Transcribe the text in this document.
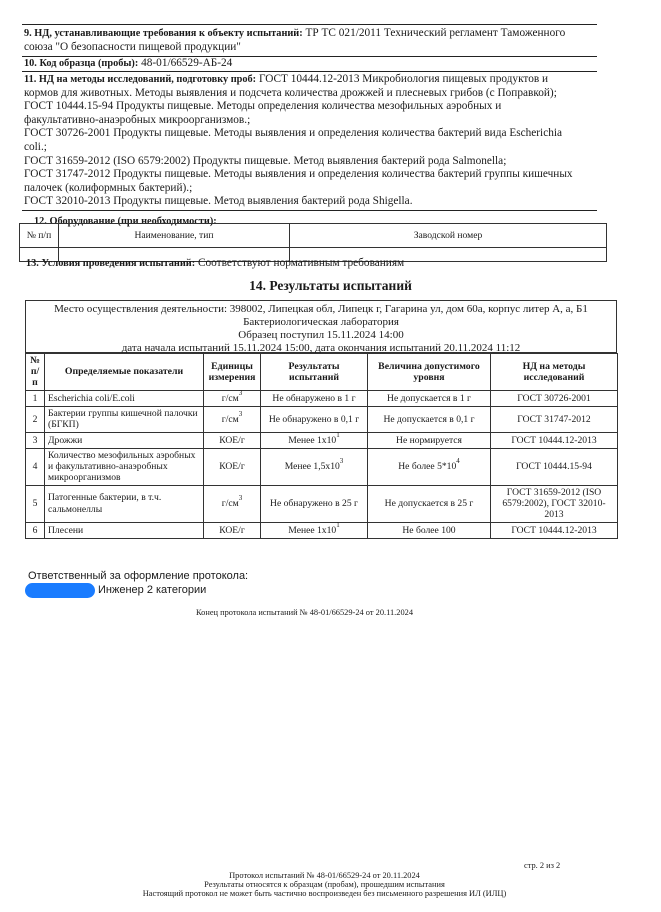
9. НД, устанавливающие требования к объекту испытаний: ТР ТС 021/2011 Технический регламент Таможенного
союза "О безопасности пищевой продукции"
10. Код образца (пробы): 48-01/66529-АБ-24
11. НД на методы исследований, подготовку проб: ГОСТ 10444.12-2013 Микробиология пищевых продуктов и
кормов для животных. Методы выявления и подсчета количества дрожжей и плесневых грибов (с Поправкой);
ГОСТ 10444.15-94 Продукты пищевые. Методы определения количества мезофильных аэробных и
факультативно-анаэробных микроорганизмов.;
ГОСТ 30726-2001 Продукты пищевые. Методы выявления и определения количества бактерий вида Escherichia
coli.;
ГОСТ 31659-2012 (ISO 6579:2002) Продукты пищевые. Метод выявления бактерий рода Salmonella;
ГОСТ 31747-2012 Продукты пищевые. Методы выявления и определения количества бактерий группы кишечных
палочек (колиформных бактерий).;
ГОСТ 32010-2013 Продукты пищевые. Метод выявления бактерий рода Shigella.
12. Оборудование (при необходимости):
№ п/п	Наименование, тип	Заводской номер

13. Условия проведения испытаний: Соответствуют нормативным требованиям
14. Результаты испытаний
Место осуществления деятельности: 398002, Липецкая обл, Липецк г, Гагарина ул, дом 60а, корпус литер А, а, Б1
Бактериологическая лаборатория
Образец поступил 15.11.2024 14:00
дата начала испытаний 15.11.2024 15:00, дата окончания испытаний 20.11.2024 11:12
№ п/п	Определяемые показатели	Единицы измерения	Результаты испытаний	Величина допустимого уровня	НД на методы исследований
1	Escherichia coli/E.coli	$г/см^3$	Не обнаружено в 1 г	Не допускается в 1 г	ГОСТ 30726-2001
2	Бактерии группы кишечной палочки (БГКП)	$г/см^3$	Не обнаружено в 0,1 г	Не допускается в 0,1 г	ГОСТ 31747-2012
3	Дрожжи	КОЕ/г	Менее $1x10^1$	Не нормируется	ГОСТ 10444.12-2013
4	Количество мезофильных аэробных и факультативно-анаэробных микроорганизмов	КОЕ/г	Менее $1,5x10^3$	Не более $5*10^4$	ГОСТ 10444.15-94
5	Патогенные бактерии, в т.ч. сальмонеллы	$г/см^3$	Не обнаружено в 25 г	Не допускается в 25 г	ГОСТ 31659-2012 (ISO 6579:2002), ГОСТ 32010-2013
6	Плесени	КОЕ/г	Менее $1x10^1$	Не более 100	ГОСТ 10444.12-2013
Ответственный за оформление протокола:
Инженер 2 категории
Конец протокола испытаний № 48-01/66529-24 от 20.11.2024
стр. 2 из 2
Протокол испытаний № 48-01/66529-24 от 20.11.2024
Результаты относятся к образцам (пробам), прошедшим испытания
Настоящий протокол не может быть частично воспроизведен без письменного разрешения ИЛ (ИЛЦ)
